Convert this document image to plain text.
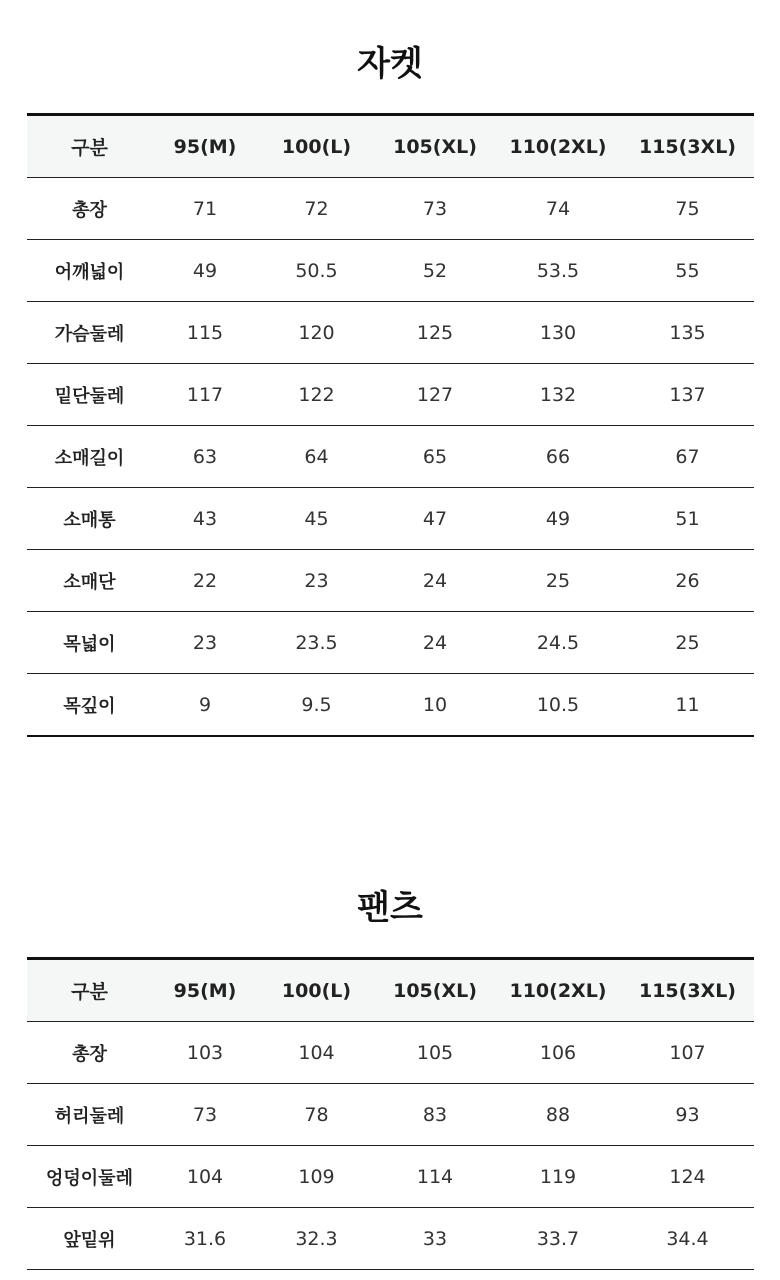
자켓
구분	95(M)	100(L)	105(XL)	110(2XL)	115(3XL)
총장	71	72	73	74	75
어깨넓이	49	50.5	52	53.5	55
가슴둘레	115	120	125	130	135
밑단둘레	117	122	127	132	137
소매길이	63	64	65	66	67
소매통	43	45	47	49	51
소매단	22	23	24	25	26
목넓이	23	23.5	24	24.5	25
목깊이	9	9.5	10	10.5	11
팬츠
구분	95(M)	100(L)	105(XL)	110(2XL)	115(3XL)
총장	103	104	105	106	107
허리둘레	73	78	83	88	93
엉덩이둘레	104	109	114	119	124
앞밑위	31.6	32.3	33	33.7	34.4
